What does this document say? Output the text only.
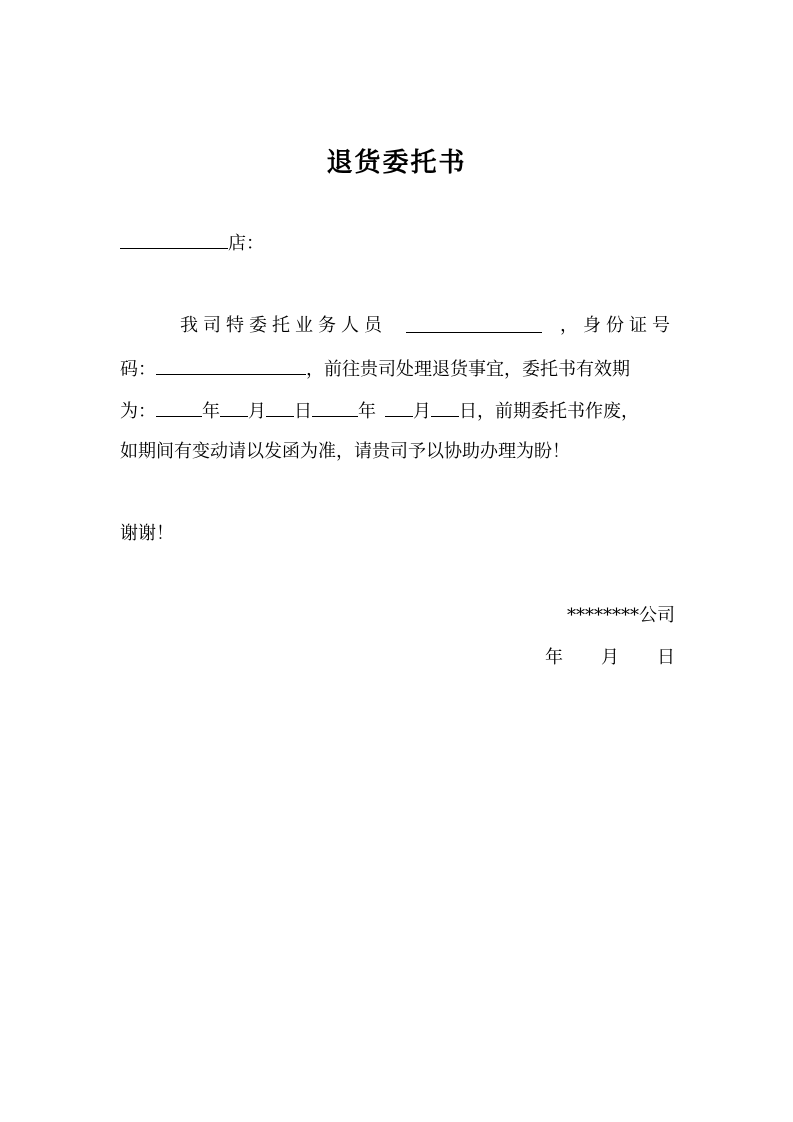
退货委托书
店：
我司特委托业务人员	，身份证号
码：	，前往贵司处理退货事宜，委托书有效期
为：	年 月 日	年 月 日，前期委托书作废，
如期间有变动请以发函为准，请贵司予以协助办理为盼！
谢谢！
********公司
年 月 日
